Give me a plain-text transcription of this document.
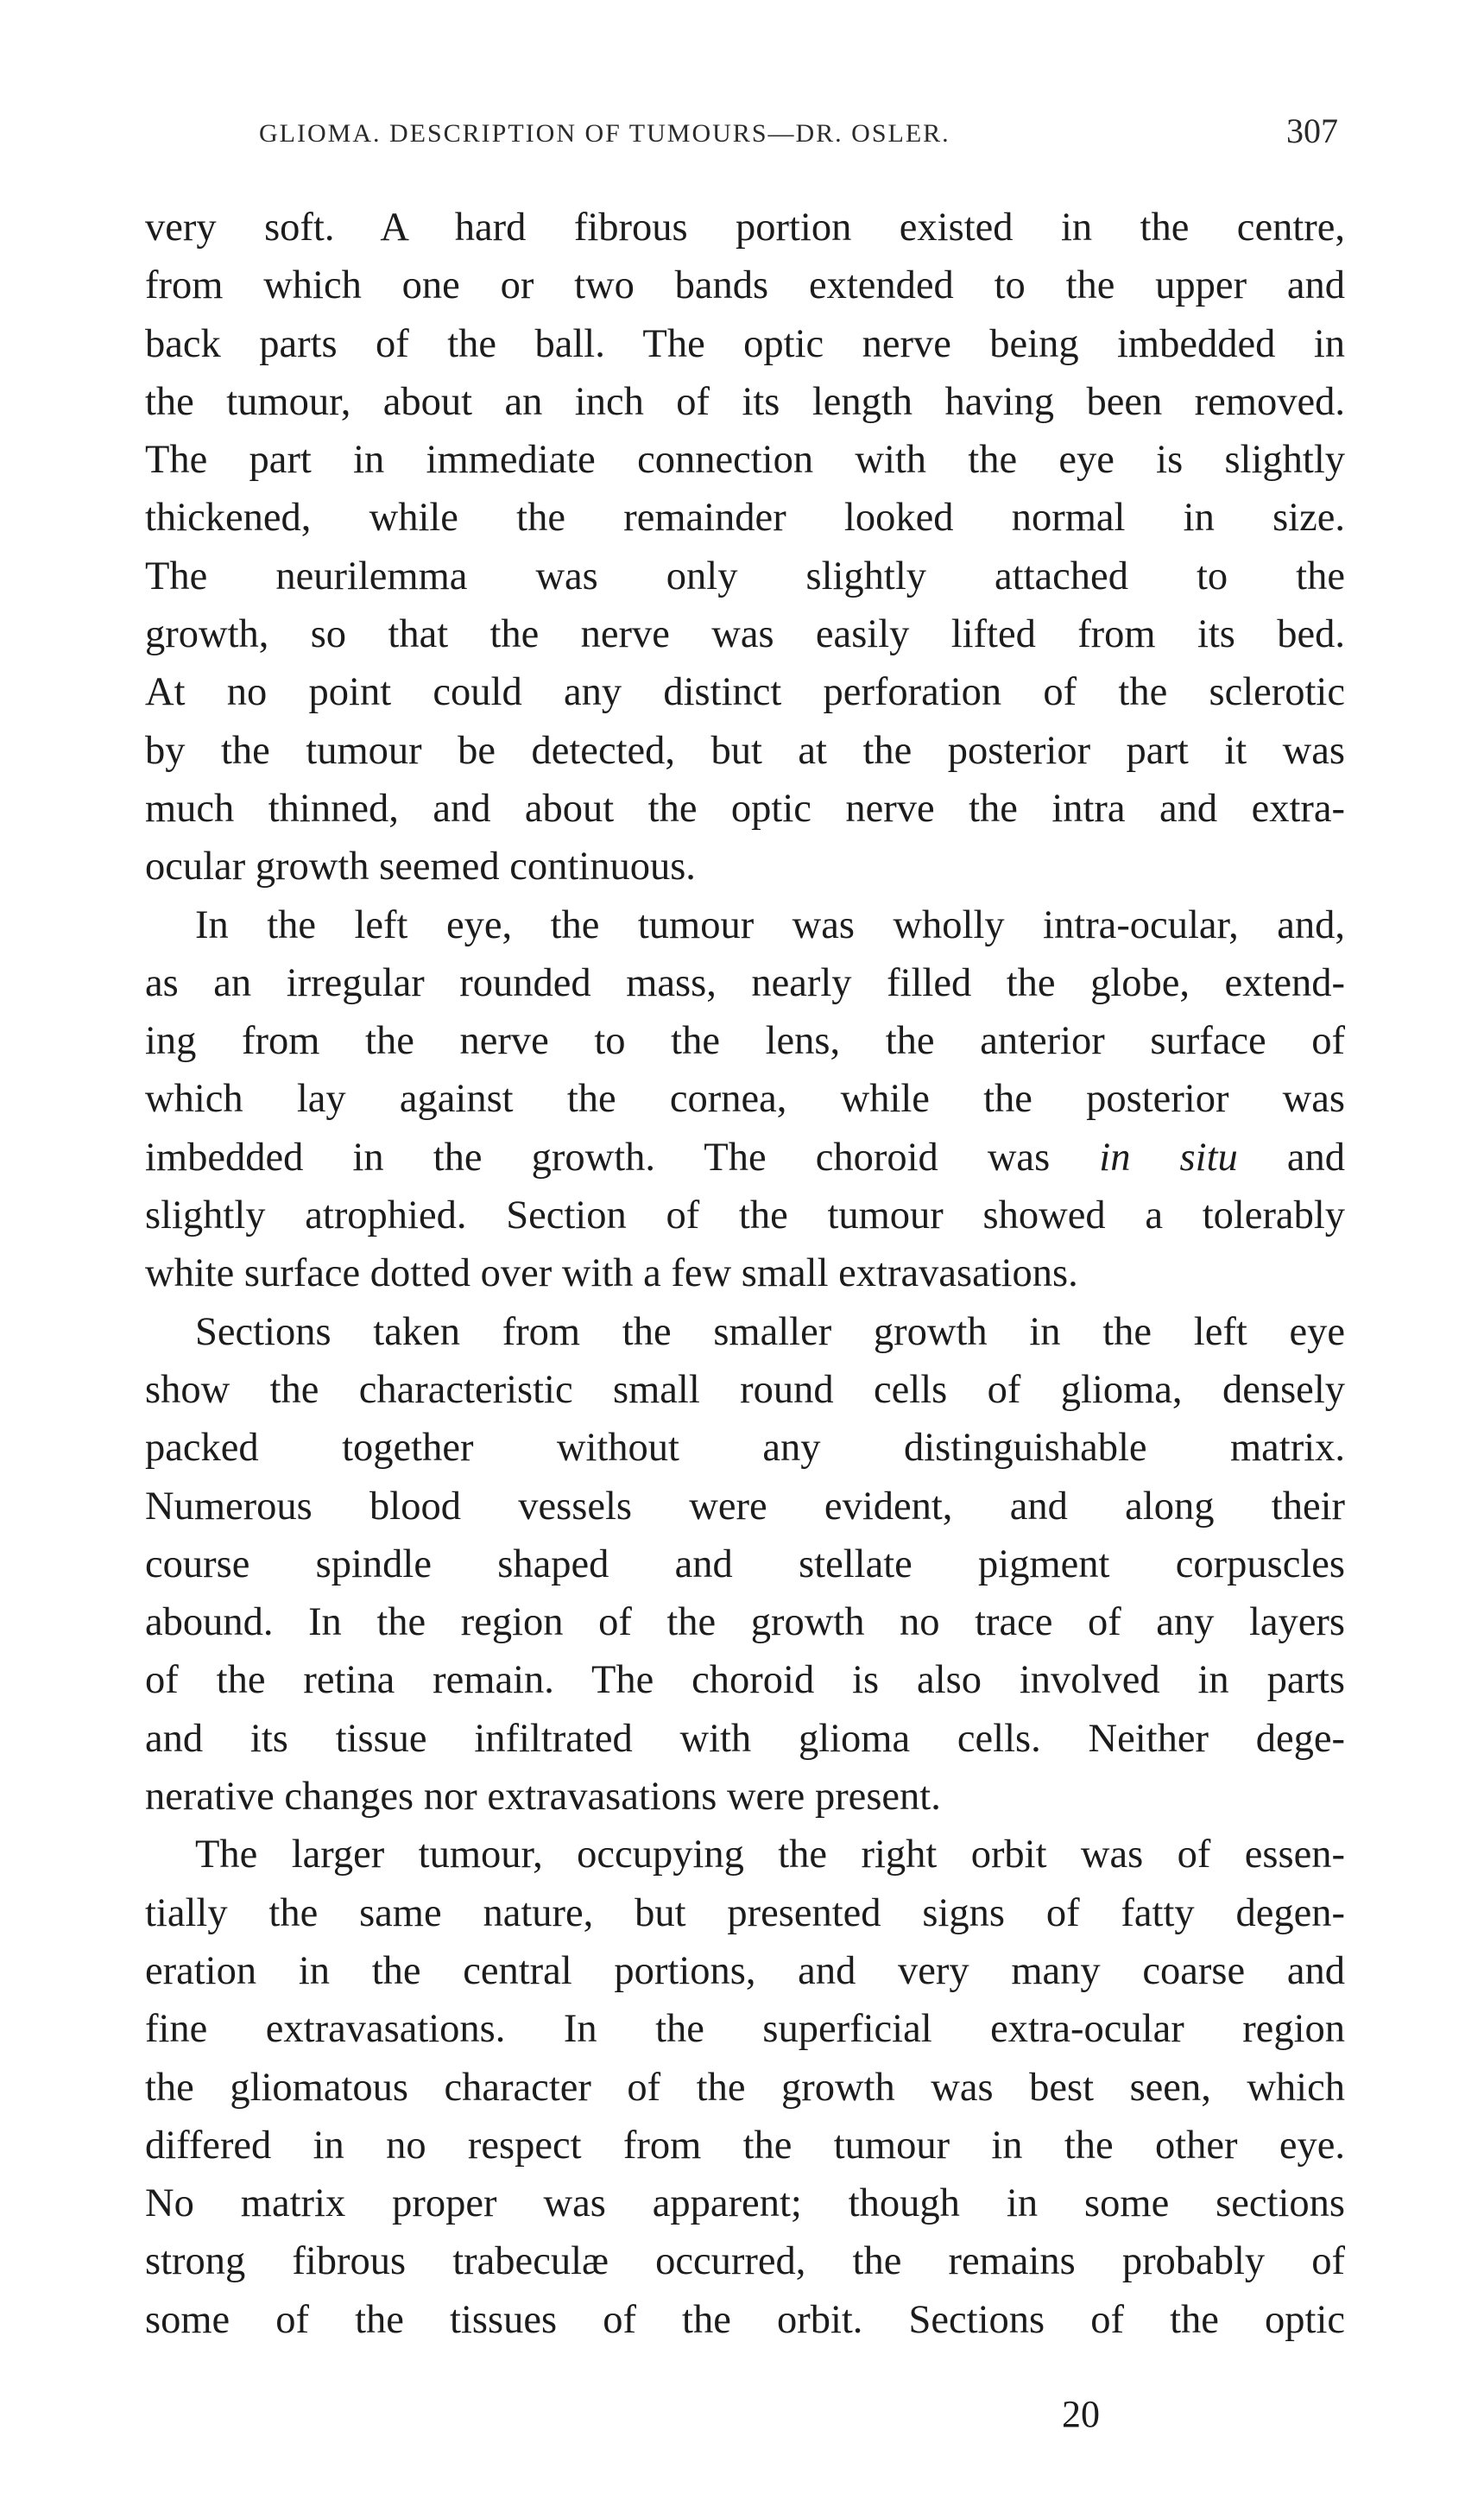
GLIOMA. DESCRIPTION OF TUMOURS—DR. OSLER.	307
very soft. A hard fibrous portion existed in the centre,
from which one or two bands extended to the upper and
back parts of the ball. The optic nerve being imbedded in
the tumour, about an inch of its length having been removed.
The part in immediate connection with the eye is slightly
thickened, while the remainder looked normal in size.
The neurilemma was only slightly attached to the
growth, so that the nerve was easily lifted from its bed.
At no point could any distinct perforation of the sclerotic
by the tumour be detected, but at the posterior part it was
much thinned, and about the optic nerve the intra and extra-
ocular growth seemed continuous.
In the left eye, the tumour was wholly intra-ocular, and,
as an irregular rounded mass, nearly filled the globe, extend-
ing from the nerve to the lens, the anterior surface of
which lay against the cornea, while the posterior was
imbedded in the growth. The choroid was in situ and
slightly atrophied. Section of the tumour showed a tolerably
white surface dotted over with a few small extravasations.
Sections taken from the smaller growth in the left eye
show the characteristic small round cells of glioma, densely
packed together without any distinguishable matrix.
Numerous blood vessels were evident, and along their
course spindle shaped and stellate pigment corpuscles
abound. In the region of the growth no trace of any layers
of the retina remain. The choroid is also involved in parts
and its tissue infiltrated with glioma cells. Neither dege-
nerative changes nor extravasations were present.
The larger tumour, occupying the right orbit was of essen-
tially the same nature, but presented signs of fatty degen-
eration in the central portions, and very many coarse and
fine extravasations. In the superficial extra-ocular region
the gliomatous character of the growth was best seen, which
differed in no respect from the tumour in the other eye.
No matrix proper was apparent; though in some sections
strong fibrous trabeculæ occurred, the remains probably of
some of the tissues of the orbit. Sections of the optic
20
